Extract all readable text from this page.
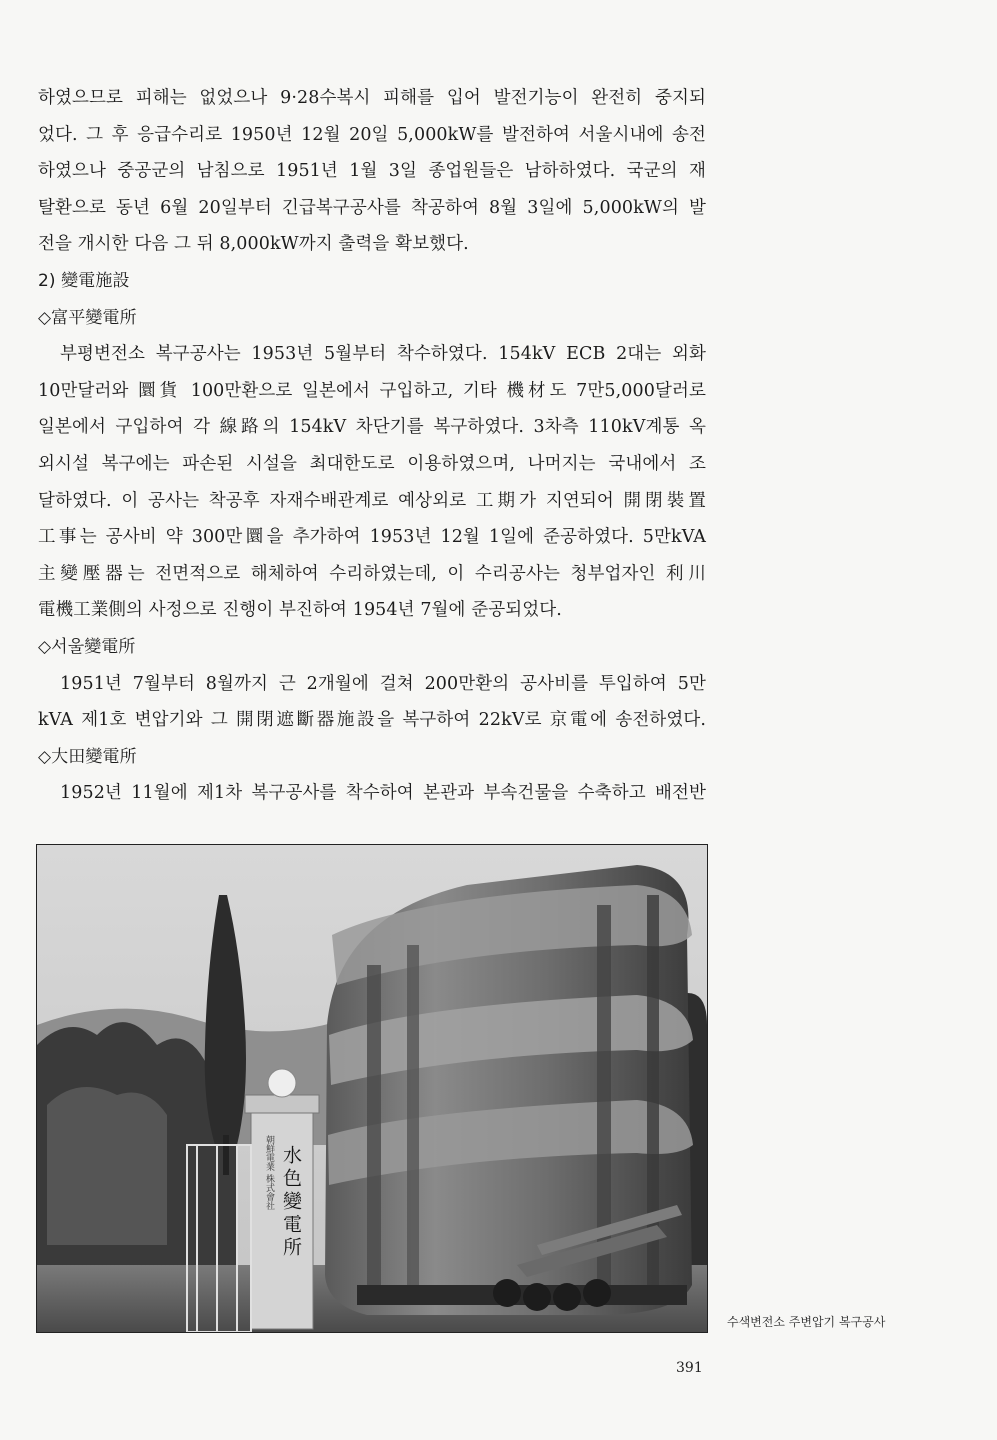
하였으므로 피해는 없었으나 9·28수복시 피해를 입어 발전기능이 완전히 중지되
었다. 그 후 응급수리로 1950년 12월 20일 5,000kW를 발전하여 서울시내에 송전
하였으나 중공군의 남침으로 1951년 1월 3일 종업원들은 남하하였다. 국군의 재
탈환으로 동년 6월 20일부터 긴급복구공사를 착공하여 8월 3일에 5,000kW의 발
전을 개시한 다음 그 뒤 8,000kW까지 출력을 확보했다.
2) 變電施設
◇富平變電所
부평변전소 복구공사는 1953년 5월부터 착수하였다. 154kV ECB 2대는 외화
10만달러와 圜貨 100만환으로 일본에서 구입하고, 기타 機材도 7만5,000달러로
일본에서 구입하여 각 線路의 154kV 차단기를 복구하였다. 3차측 110kV계통 옥
외시설 복구에는 파손된 시설을 최대한도로 이용하였으며, 나머지는 국내에서 조
달하였다. 이 공사는 착공후 자재수배관계로 예상외로 工期가 지연되어 開閉裝置
工事는 공사비 약 300만圜을 추가하여 1953년 12월 1일에 준공하였다. 5만kVA
主變壓器는 전면적으로 해체하여 수리하였는데, 이 수리공사는 청부업자인 利川
電機工業側의 사정으로 진행이 부진하여 1954년 7월에 준공되었다.
◇서울變電所
1951년 7월부터 8월까지 근 2개월에 걸쳐 200만환의 공사비를 투입하여 5만
kVA 제1호 변압기와 그 開閉遮斷器施設을 복구하여 22kV로 京電에 송전하였다.
◇大田變電所
1952년 11월에 제1차 복구공사를 착수하여 본관과 부속건물을 수축하고 배전반
朝鮮電業 株式會社 水色變電所
수색변전소 주변압기 복구공사
391
